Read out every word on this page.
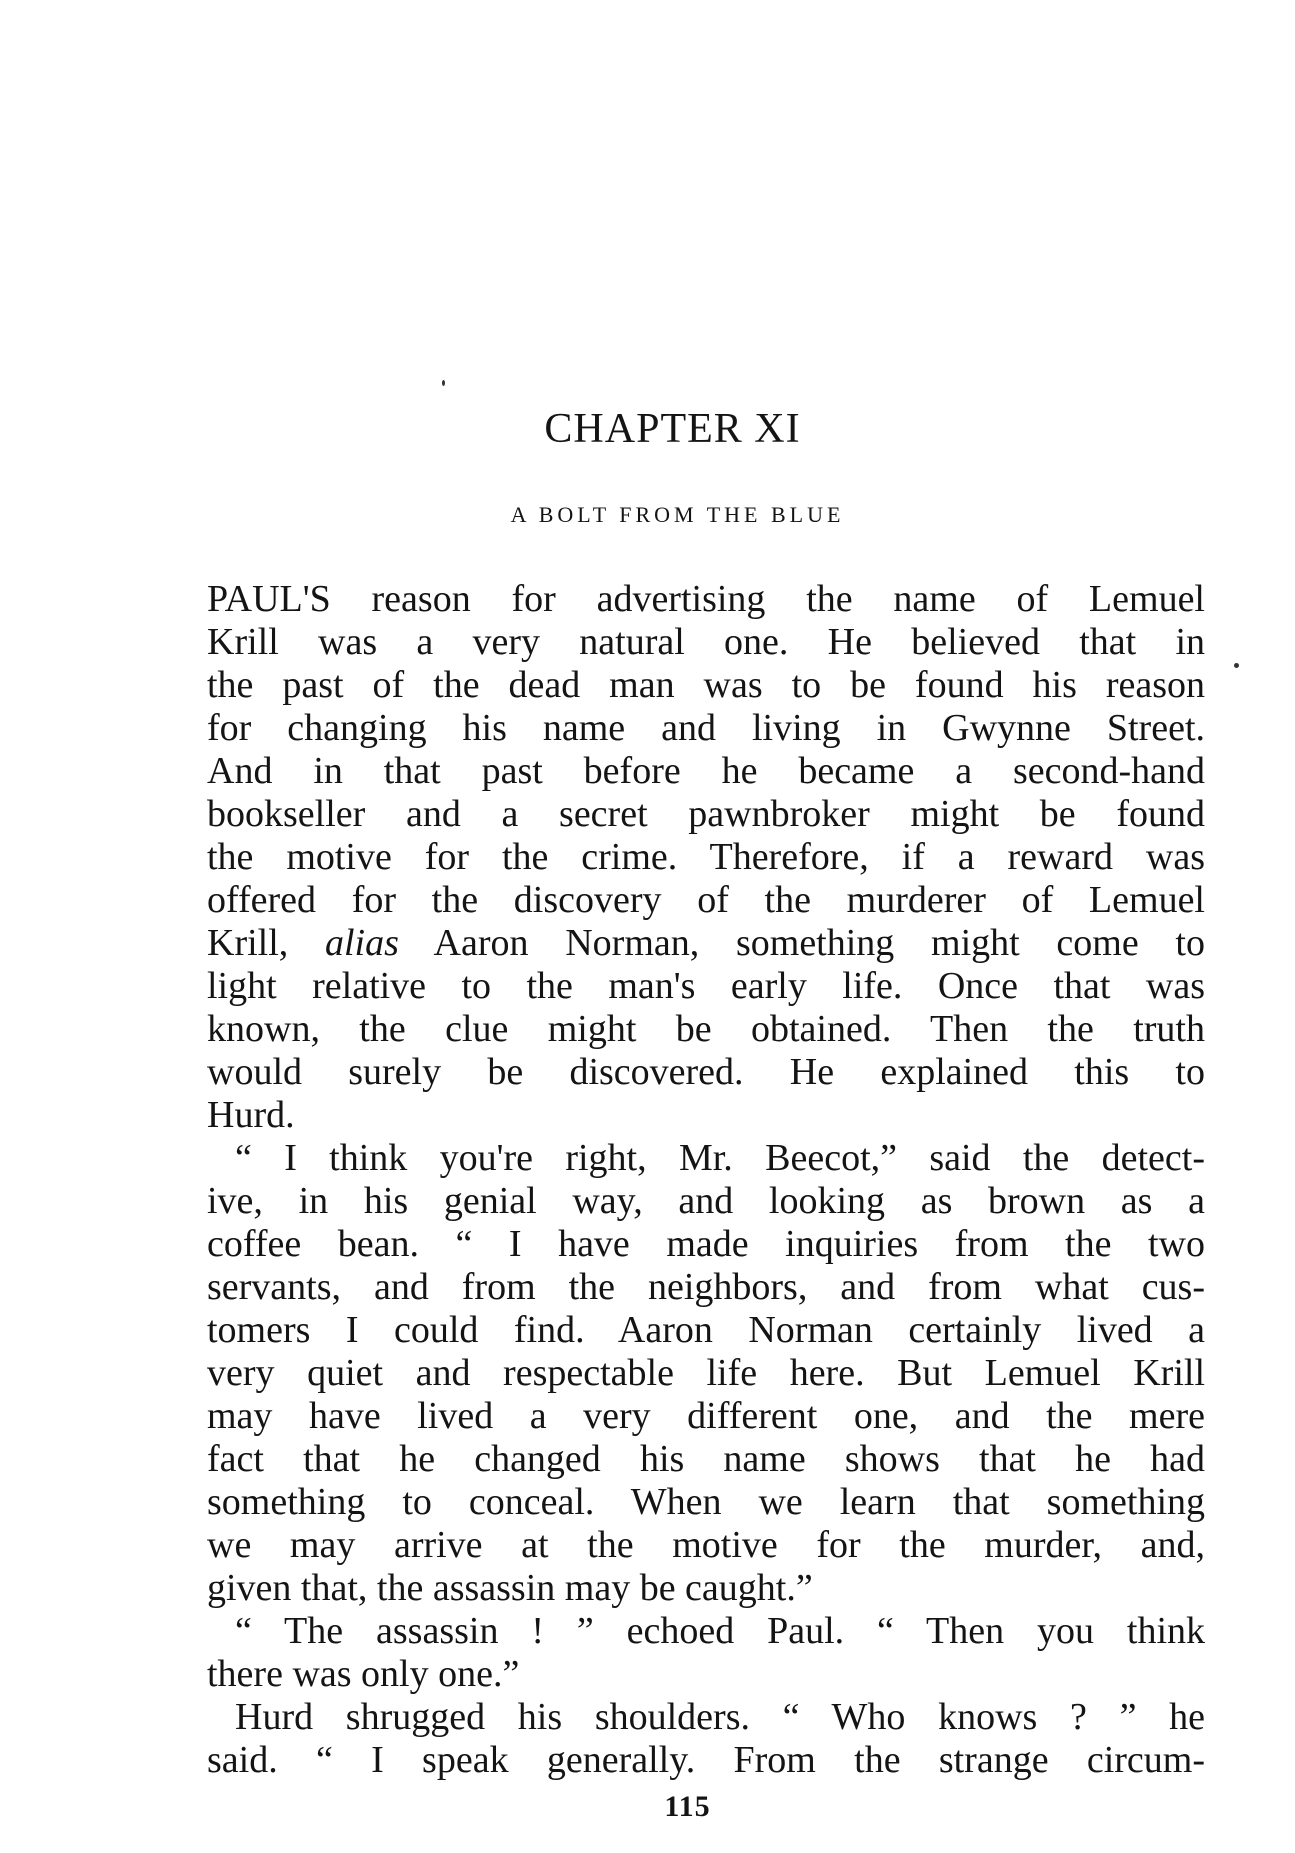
CHAPTER XI
A BOLT FROM THE BLUE
PAUL'S reason for advertising the name of Lemuel
Krill was a very natural one. He believed that in
the past of the dead man was to be found his reason
for changing his name and living in Gwynne Street.
And in that past before he became a second-hand
bookseller and a secret pawnbroker might be found
the motive for the crime. Therefore, if a reward was
offered for the discovery of the murderer of Lemuel
Krill, alias Aaron Norman, something might come to
light relative to the man's early life. Once that was
known, the clue might be obtained. Then the truth
would surely be discovered. He explained this to
Hurd.
“ I think you're right, Mr. Beecot,” said the detect-
ive, in his genial way, and looking as brown as a
coffee bean. “ I have made inquiries from the two
servants, and from the neighbors, and from what cus-
tomers I could find. Aaron Norman certainly lived a
very quiet and respectable life here. But Lemuel Krill
may have lived a very different one, and the mere
fact that he changed his name shows that he had
something to conceal. When we learn that something
we may arrive at the motive for the murder, and,
given that, the assassin may be caught.”
“ The assassin ! ” echoed Paul. “ Then you think
there was only one.”
Hurd shrugged his shoulders. “ Who knows ? ” he
said. “ I speak generally. From the strange circum-
115
